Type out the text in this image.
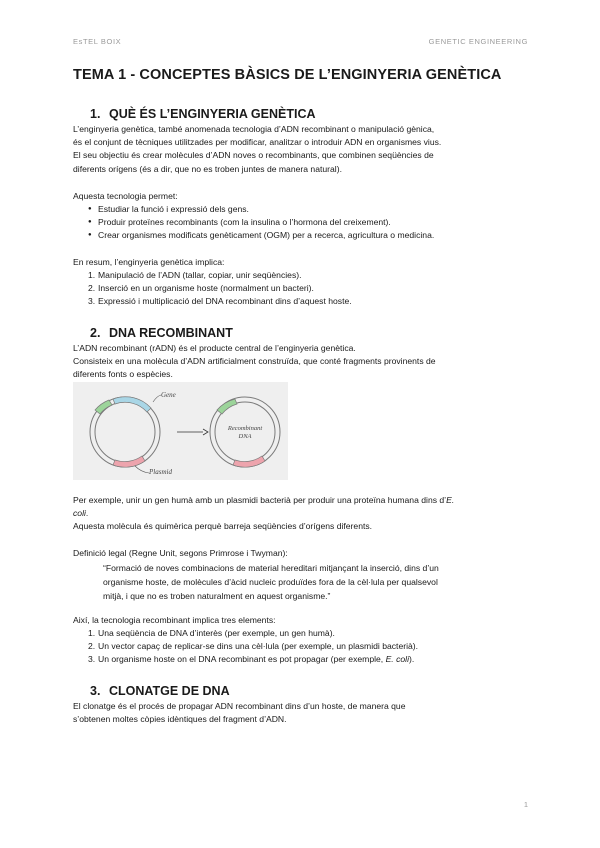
EsTEL BOIX	GENETIC ENGINEERING
TEMA 1 - CONCEPTES BÀSICS DE L’ENGINYERIA GENÈTICA
1. QUÈ ÉS L’ENGINYERIA GENÈTICA
L’enginyeria genètica, també anomenada tecnologia d’ADN recombinant o manipulació gènica,
és el conjunt de tècniques utilitzades per modificar, analitzar o introduir ADN en organismes vius.
El seu objectiu és crear molècules d’ADN noves o recombinants, que combinen seqüències de
diferents orígens (és a dir, que no es troben juntes de manera natural).
Aquesta tecnologia permet:
● Estudiar la funció i expressió dels gens.
● Produir proteïnes recombinants (com la insulina o l’hormona del creixement).
● Crear organismes modificats genèticament (OGM) per a recerca, agricultura o medicina.
En resum, l’enginyeria genètica implica:
1. Manipulació de l’ADN (tallar, copiar, unir seqüències).
2. Inserció en un organisme hoste (normalment un bacteri).
3. Expressió i multiplicació del DNA recombinant dins d’aquest hoste.
2. DNA RECOMBINANT
L’ADN recombinant (rADN) és el producte central de l’enginyeria genètica.
Consisteix en una molècula d’ADN artificialment construïda, que conté fragments provinents de
diferents fonts o espècies.
Gene
Plasmid
Recombinant
DNA
Per exemple, unir un gen humà amb un plasmidi bacterià per produir una proteïna humana dins d’E.
coli.
Aquesta molècula és quimèrica perquè barreja seqüències d’orígens diferents.
Definició legal (Regne Unit, segons Primrose i Twyman):
“Formació de noves combinacions de material hereditari mitjançant la inserció, dins d’un
organisme hoste, de molècules d’àcid nucleic produïdes fora de la cèl·lula per qualsevol
mitjà, i que no es troben naturalment en aquest organisme.”
Així, la tecnologia recombinant implica tres elements:
1. Una seqüència de DNA d’interès (per exemple, un gen humà).
2. Un vector capaç de replicar-se dins una cèl·lula (per exemple, un plasmidi bacterià).
3. Un organisme hoste on el DNA recombinant es pot propagar (per exemple, E. coli).
3. CLONATGE DE DNA
El clonatge és el procés de propagar ADN recombinant dins d’un hoste, de manera que
s’obtenen moltes còpies idèntiques del fragment d’ADN.
1
